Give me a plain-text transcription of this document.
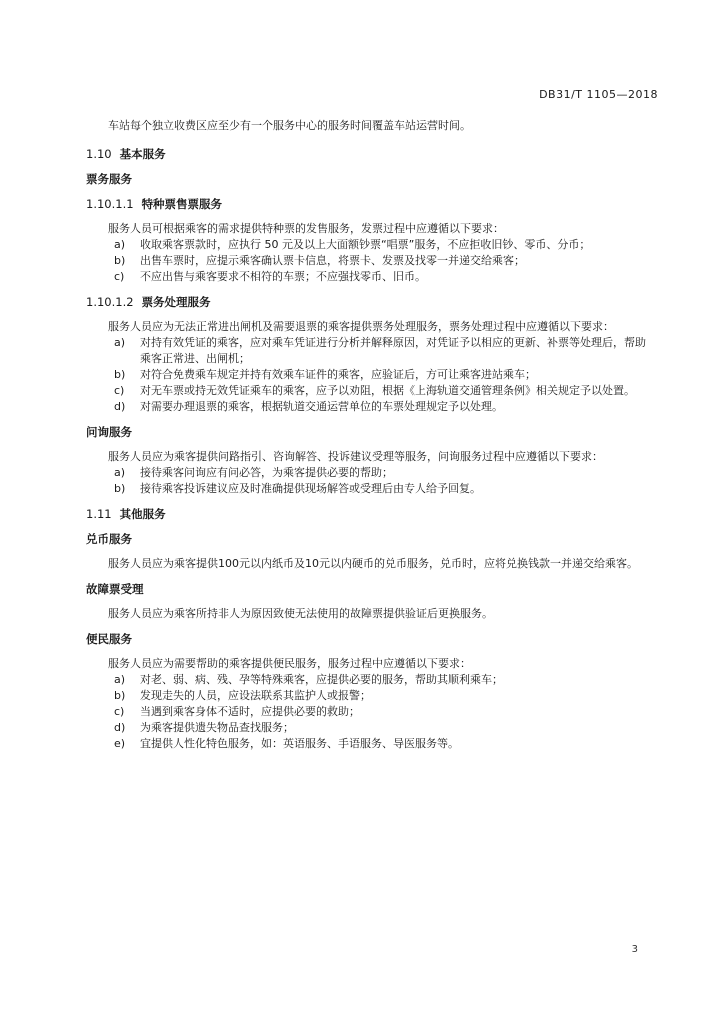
DB31/T 1105—2018

车站每个独立收费区应至少有一个服务中心的服务时间覆盖车站运营时间。

1.10 基本服务

票务服务

1.10.1.1 特种票售票服务

服务人员可根据乘客的需求提供特种票的发售服务，发票过程中应遵循以下要求：

a) 收取乘客票款时，应执行 50 元及以上大面额钞票“唱票”服务，不应拒收旧钞、零币、分币；
b) 出售车票时，应提示乘客确认票卡信息，将票卡、发票及找零一并递交给乘客；
c) 不应出售与乘客要求不相符的车票；不应强找零币、旧币。

1.10.1.2 票务处理服务

服务人员应为无法正常进出闸机及需要退票的乘客提供票务处理服务，票务处理过程中应遵循以下要求：

a) 对持有效凭证的乘客，应对乘车凭证进行分析并解释原因，对凭证予以相应的更新、补票等处理后，帮助乘客正常进、出闸机；
b) 对符合免费乘车规定并持有效乘车证件的乘客，应验证后，方可让乘客进站乘车；
c) 对无车票或持无效凭证乘车的乘客，应予以劝阻，根据《上海轨道交通管理条例》相关规定予以处置。
d) 对需要办理退票的乘客，根据轨道交通运营单位的车票处理规定予以处理。

问询服务

服务人员应为乘客提供问路指引、咨询解答、投诉建议受理等服务，问询服务过程中应遵循以下要求：

a) 接待乘客问询应有问必答，为乘客提供必要的帮助；
b) 接待乘客投诉建议应及时准确提供现场解答或受理后由专人给予回复。

1.11 其他服务

兑币服务

服务人员应为乘客提供100元以内纸币及10元以内硬币的兑币服务，兑币时，应将兑换钱款一并递交给乘客。

故障票受理

服务人员应为乘客所持非人为原因致使无法使用的故障票提供验证后更换服务。

便民服务

服务人员应为需要帮助的乘客提供便民服务，服务过程中应遵循以下要求：

a) 对老、弱、病、残、孕等特殊乘客，应提供必要的服务，帮助其顺利乘车；
b) 发现走失的人员，应设法联系其监护人或报警；
c) 当遇到乘客身体不适时，应提供必要的救助；
d) 为乘客提供遗失物品查找服务；
e) 宜提供人性化特色服务，如：英语服务、手语服务、导医服务等。
3
